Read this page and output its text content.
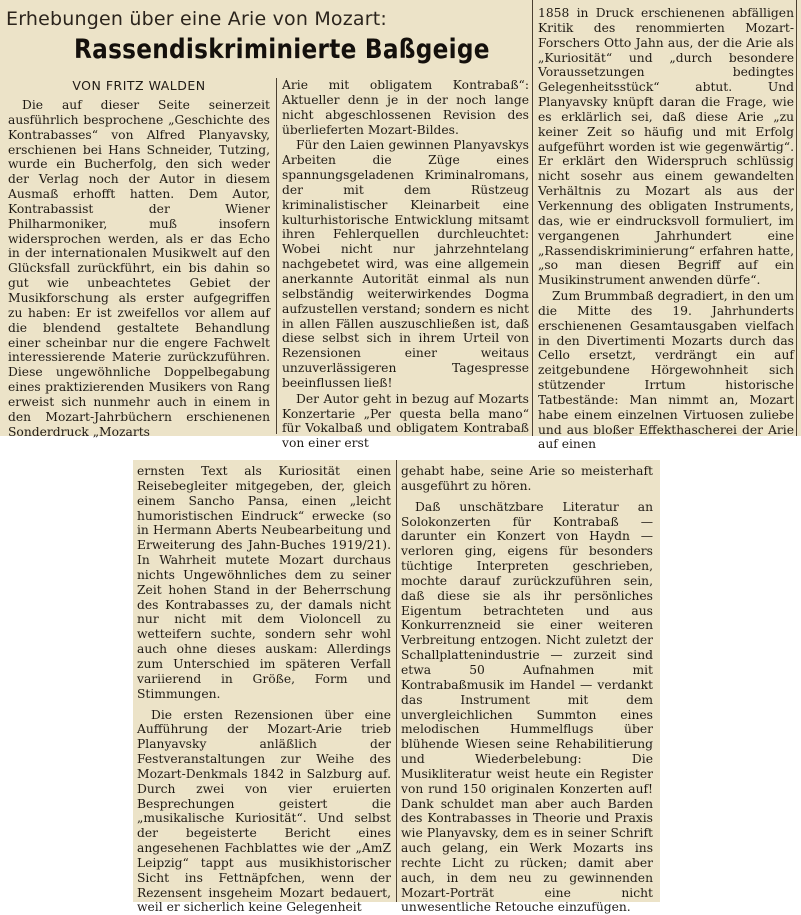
Erhebungen über eine Arie von Mozart:
Rassendiskriminierte Baßgeige
VON FRITZ WALDEN

Die auf dieser Seite seinerzeit ausführlich besprochene „Geschichte des Kontrabasses“ von Alfred Planyavsky, erschienen bei Hans Schneider, Tutzing, wurde ein Bucherfolg, den sich weder der Verlag noch der Autor in diesem Ausmaß erhofft hatten. Dem Autor, Kontrabassist der Wiener Philharmoniker, muß insofern widersprochen werden, als er das Echo in der internationalen Musikwelt auf den Glücksfall zurückführt, ein bis dahin so gut wie unbeachtetes Gebiet der Musikforschung als erster aufgegriffen zu haben: Er ist zweifellos vor allem auf die blendend gestaltete Behandlung einer scheinbar nur die engere Fachwelt interessierende Materie zurückzuführen. Diese ungewöhnliche Doppelbegabung eines praktizierenden Musikers von Rang erweist sich nunmehr auch in einem in den Mozart-Jahrbüchern erschienenen Sonderdruck „Mozarts

Arie mit obligatem Kontrabaß“: Aktueller denn je in der noch lange nicht abgeschlossenen Revision des überlieferten Mozart-Bildes.

Für den Laien gewinnen Planyavskys Arbeiten die Züge eines spannungsgeladenen Kriminalromans, der mit dem Rüstzeug kriminalistischer Kleinarbeit eine kulturhistorische Entwicklung mitsamt ihren Fehlerquellen durchleuchtet: Wobei nicht nur jahrzehntelang nachgebetet wird, was eine allgemein anerkannte Autorität einmal als nun selbständig weiterwirkendes Dogma aufzustellen verstand; sondern es nicht in allen Fällen auszuschließen ist, daß diese selbst sich in ihrem Urteil von Rezensionen einer weitaus unzuverlässigeren Tagespresse beeinflussen ließ!

Der Autor geht in bezug auf Mozarts Konzertarie „Per questa bella mano“ für Vokalbaß und obligatem Kontrabaß von einer erst

1858 in Druck erschienenen abfälligen Kritik des renommierten Mozart-Forschers Otto Jahn aus, der die Arie als „Kuriosität“ und „durch besondere Voraussetzungen bedingtes Gelegenheitsstück“ abtut. Und Planyavsky knüpft daran die Frage, wie es erklärlich sei, daß diese Arie „zu keiner Zeit so häufig und mit Erfolg aufgeführt worden ist wie gegenwärtig“. Er erklärt den Widerspruch schlüssig nicht sosehr aus einem gewandelten Verhältnis zu Mozart als aus der Verkennung des obligaten Instruments, das, wie er eindrucksvoll formuliert, im vergangenen Jahrhundert eine „Rassendiskriminierung“ erfahren hatte, „so man diesen Begriff auf ein Musikinstrument anwenden dürfe“.

Zum Brummbaß degradiert, in den um die Mitte des 19. Jahrhunderts erschienenen Gesamtausgaben vielfach in den Divertimenti Mozarts durch das Cello ersetzt, verdrängt ein auf zeitgebundene Hörgewohnheit sich stützender Irrtum historische Tatbestände: Man nimmt an, Mozart habe einem einzelnen Virtuosen zuliebe und aus bloßer Effekthascherei der Arie auf einen

ernsten Text als Kuriosität einen Reisebegleiter mitgegeben, der, gleich einem Sancho Pansa, einen „leicht humoristischen Eindruck“ erwecke (so in Hermann Aberts Neubearbeitung und Erweiterung des Jahn-Buches 1919/21). In Wahrheit mutete Mozart durchaus nichts Ungewöhnliches dem zu seiner Zeit hohen Stand in der Beherrschung des Kontrabasses zu, der damals nicht nur nicht mit dem Violoncell zu wetteifern suchte, sondern sehr wohl auch ohne dieses auskam: Allerdings zum Unterschied im späteren Verfall variierend in Größe, Form und Stimmungen.

Die ersten Rezensionen über eine Aufführung der Mozart-Arie trieb Planyavsky anläßlich der Festveranstaltungen zur Weihe des Mozart-Denkmals 1842 in Salzburg auf. Durch zwei von vier eruierten Besprechungen geistert die „musikalische Kuriosität“. Und selbst der begeisterte Bericht eines angesehenen Fachblattes wie der „AmZ Leipzig“ tappt aus musikhistorischer Sicht ins Fettnäpfchen, wenn der Rezensent insgeheim Mozart bedauert, weil er sicherlich keine Gelegenheit

gehabt habe, seine Arie so meisterhaft ausgeführt zu hören.

Daß unschätzbare Literatur an Solokonzerten für Kontrabaß — darunter ein Konzert von Haydn — verloren ging, eigens für besonders tüchtige Interpreten geschrieben, mochte darauf zurückzuführen sein, daß diese sie als ihr persönliches Eigentum betrachteten und aus Konkurrenzneid sie einer weiteren Verbreitung entzogen. Nicht zuletzt der Schallplattenindustrie — zurzeit sind etwa 50 Aufnahmen mit Kontrabaßmusik im Handel — verdankt das Instrument mit dem unvergleichlichen Summton eines melodischen Hummelflugs über blühende Wiesen seine Rehabilitierung und Wiederbelebung: Die Musikliteratur weist heute ein Register von rund 150 originalen Konzerten auf! Dank schuldet man aber auch Barden des Kontrabasses in Theorie und Praxis wie Planyavsky, dem es in seiner Schrift auch gelang, ein Werk Mozarts ins rechte Licht zu rücken; damit aber auch, in dem neu zu gewinnenden Mozart-Porträt eine nicht unwesentliche Retouche einzufügen.
